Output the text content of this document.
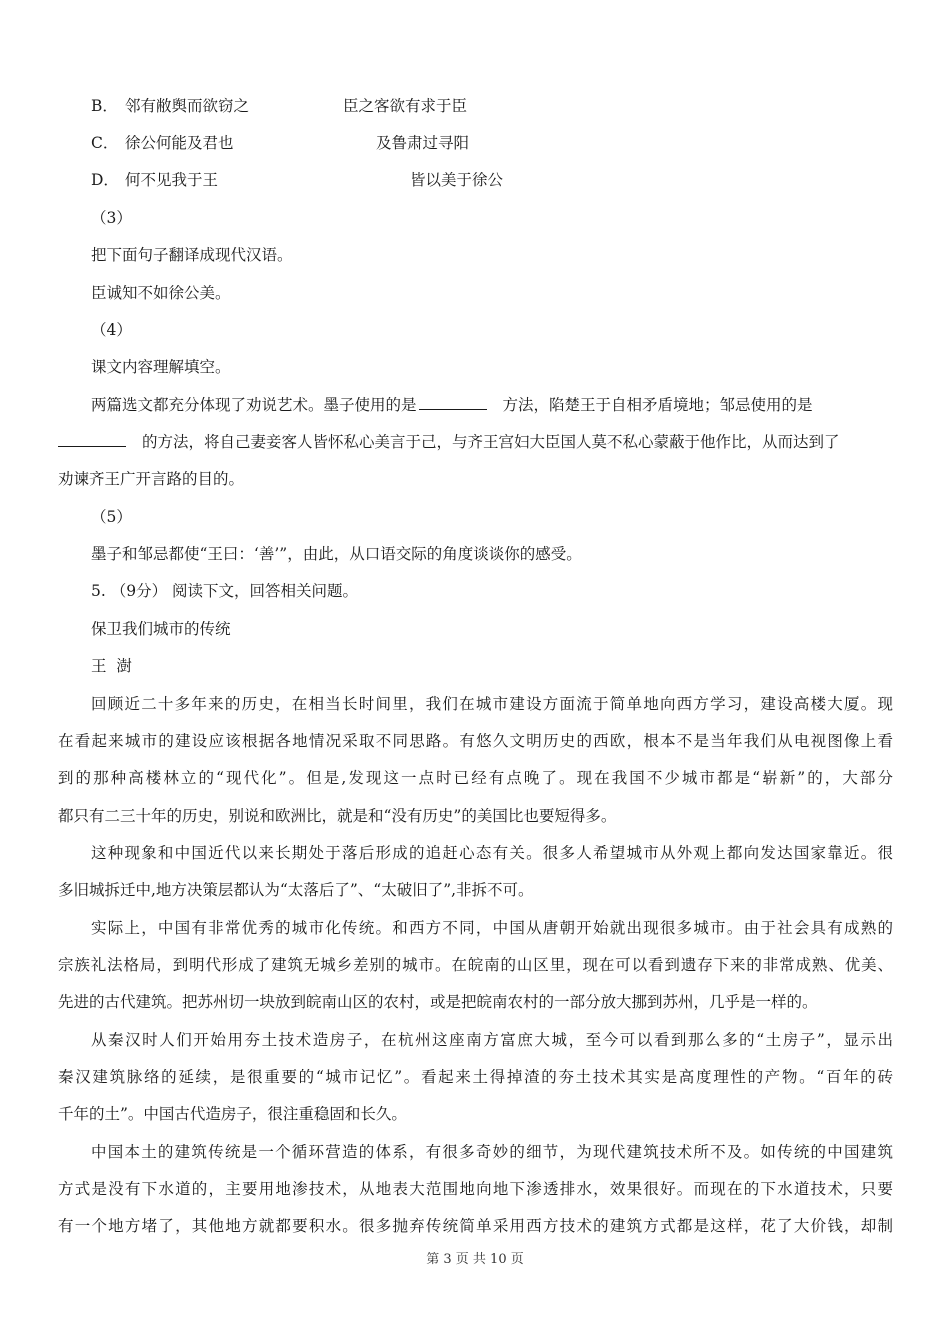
B． 邻有敝舆而欲窃之	臣之客欲有求于臣
C． 徐公何能及君也	及鲁肃过寻阳
D． 何不见我于王	皆以美于徐公
（3）
把下面句子翻译成现代汉语。
臣诚知不如徐公美。
（4）
课文内容理解填空。
两篇选文都充分体现了劝说艺术。墨子使用的是	方法，陷楚王于自相矛盾境地；邹忌使用的是
的方法，将自己妻妾客人皆怀私心美言于己，与齐王宫妇大臣国人莫不私心蒙蔽于他作比，从而达到了
劝谏齐王广开言路的目的。
（5）
墨子和邹忌都使“王曰：‘善’”，由此，从口语交际的角度谈谈你的感受。
5. （9分） 阅读下文，回答相关问题。
保卫我们城市的传统
王  澍
回顾近二十多年来的历史，在相当长时间里，我们在城市建设方面流于简单地向西方学习，建设高楼大厦。现
在看起来城市的建设应该根据各地情况采取不同思路。有悠久文明历史的西欧，根本不是当年我们从电视图像上看
到的那种高楼林立的“现代化”。但是,发现这一点时已经有点晚了。现在我国不少城市都是“崭新”的，大部分
都只有二三十年的历史，别说和欧洲比，就是和“没有历史”的美国比也要短得多。
这种现象和中国近代以来长期处于落后形成的追赶心态有关。很多人希望城市从外观上都向发达国家靠近。很
多旧城拆迁中,地方决策层都认为“太落后了”、“太破旧了”,非拆不可。
实际上，中国有非常优秀的城市化传统。和西方不同，中国从唐朝开始就出现很多城市。由于社会具有成熟的
宗族礼法格局，到明代形成了建筑无城乡差别的城市。在皖南的山区里，现在可以看到遗存下来的非常成熟、优美、
先进的古代建筑。把苏州切一块放到皖南山区的农村，或是把皖南农村的一部分放大挪到苏州，几乎是一样的。
从秦汉时人们开始用夯土技术造房子，在杭州这座南方富庶大城，至今可以看到那么多的“土房子”，显示出
秦汉建筑脉络的延续，是很重要的“城市记忆”。看起来土得掉渣的夯土技术其实是高度理性的产物。“百年的砖
千年的土”。中国古代造房子，很注重稳固和长久。
中国本土的建筑传统是一个循环营造的体系，有很多奇妙的细节，为现代建筑技术所不及。如传统的中国建筑
方式是没有下水道的，主要用地渗技术，从地表大范围地向地下渗透排水，效果很好。而现在的下水道技术，只要
有一个地方堵了，其他地方就都要积水。很多抛弃传统简单采用西方技术的建筑方式都是这样，花了大价钱，却制
第 3 页 共 10 页
